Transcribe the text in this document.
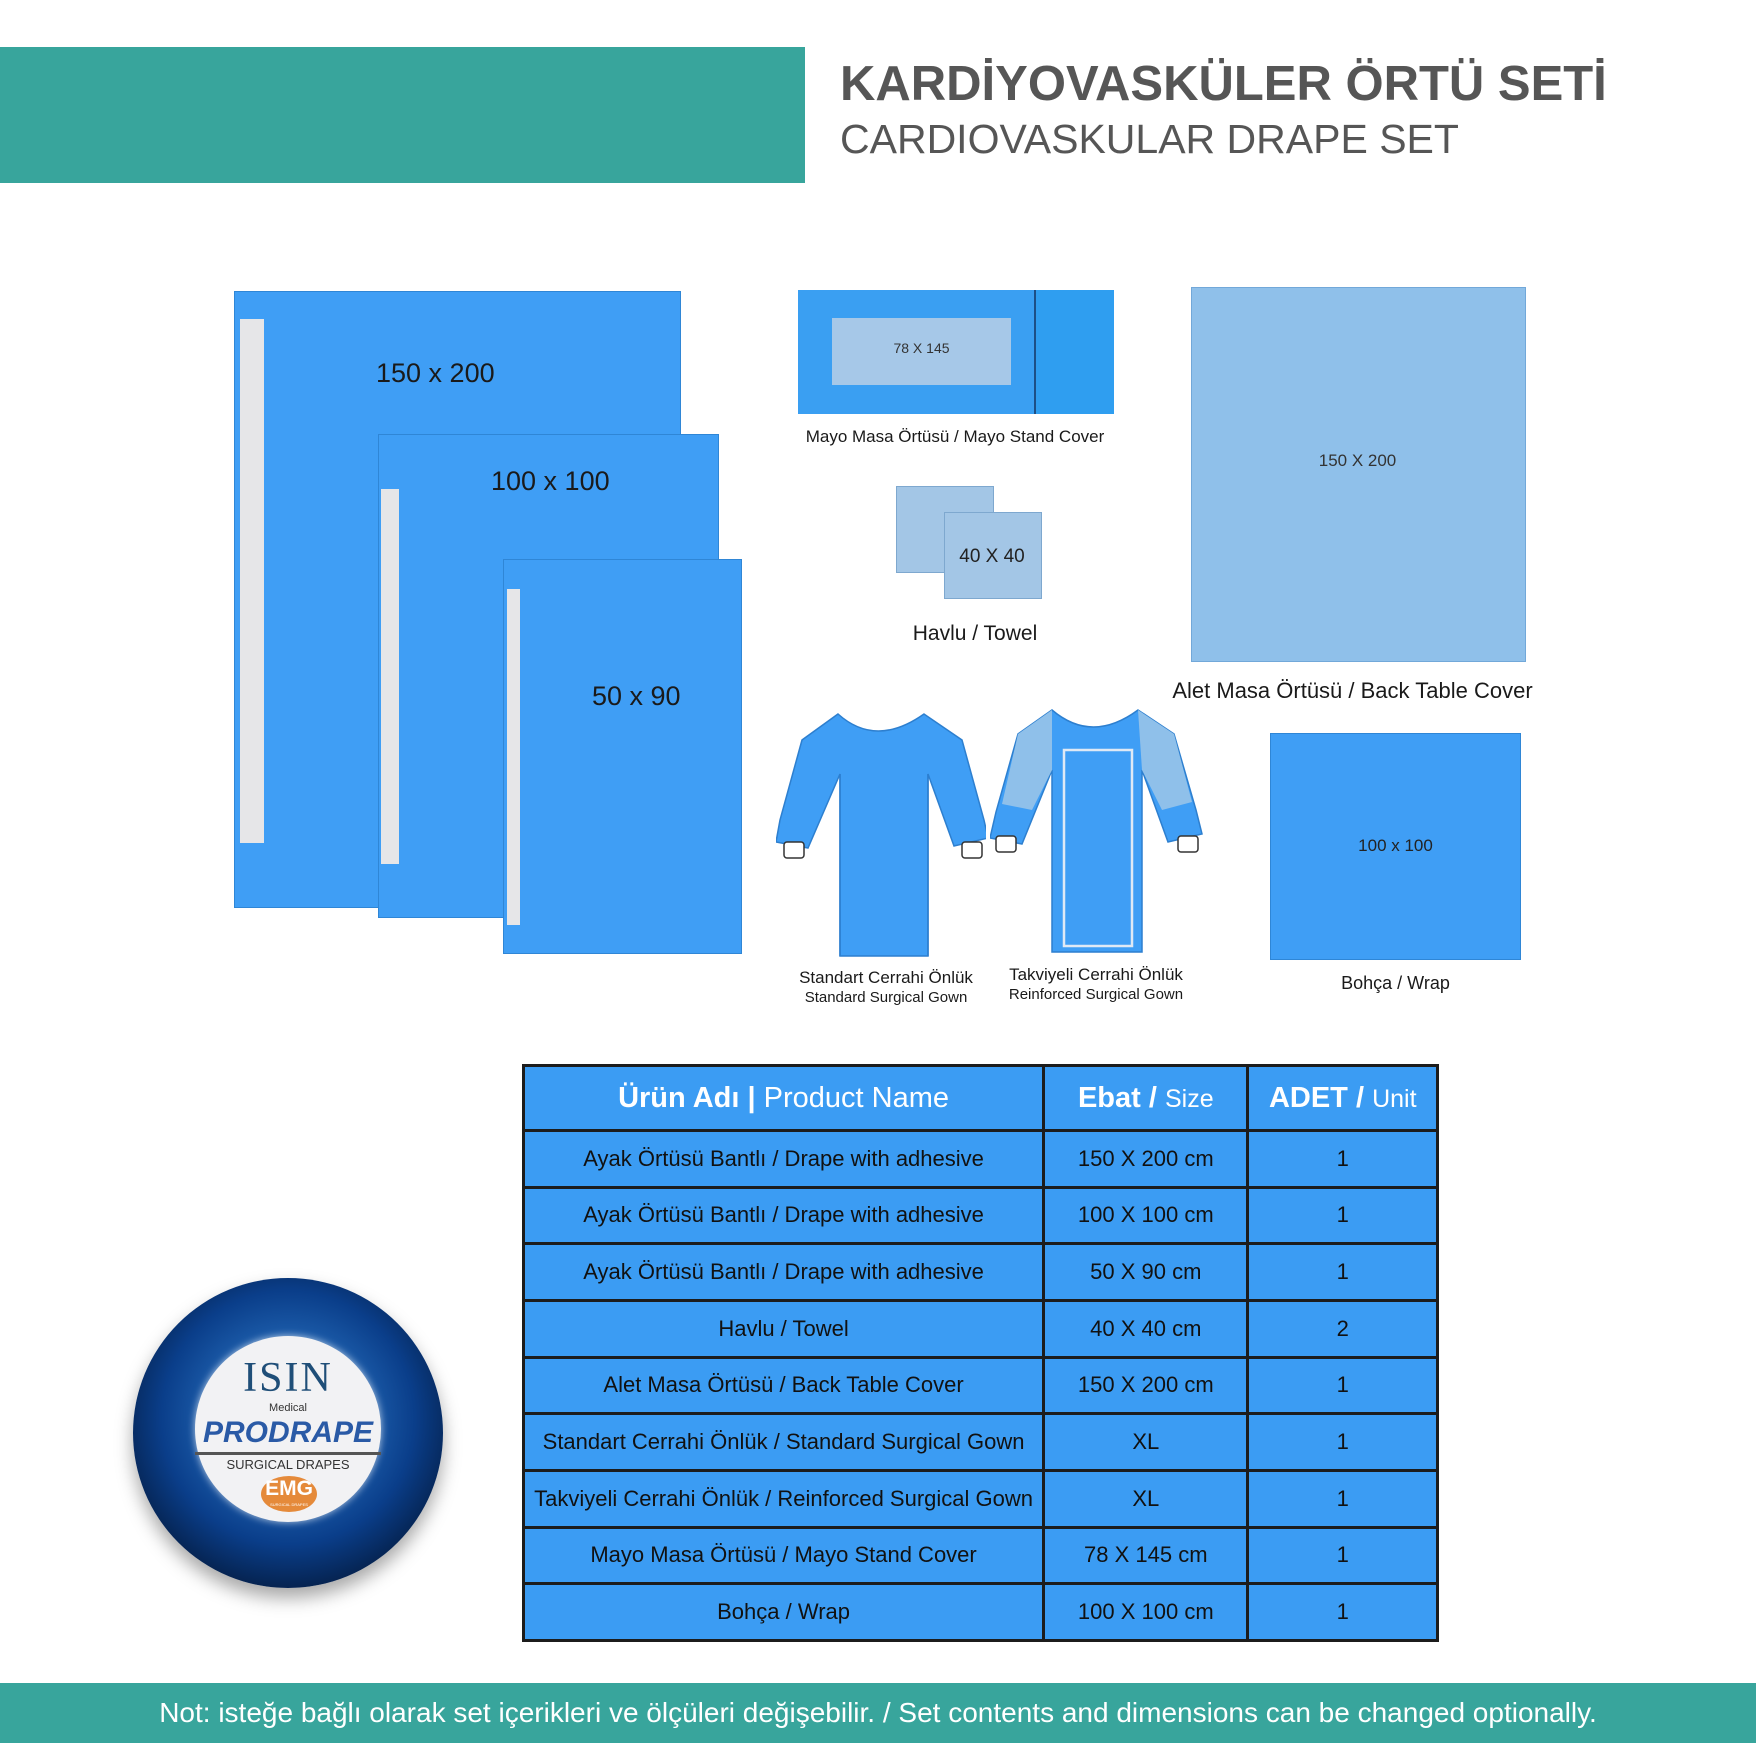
KARDİYOVASKÜLER ÖRTÜ SETİ
CARDIOVASKULAR DRAPE SET
150 x 200
100 x 100
50 x 90
78 X 145
Mayo Masa Örtüsü / Mayo Stand Cover
40 X 40
Havlu / Towel
150 X 200
Alet Masa Örtüsü / Back Table Cover
Standart Cerrahi Önlük
Standard Surgical Gown
Takviyeli Cerrahi Önlük
Reinforced Surgical Gown
100 x 100
Bohça / Wrap
Ürün Adı | Product Name	Ebat / Size	ADET / Unit
Ayak Örtüsü Bantlı / Drape with adhesive	150 X 200 cm	1
Ayak Örtüsü Bantlı / Drape with adhesive	100 X 100 cm	1
Ayak Örtüsü Bantlı / Drape with adhesive	50 X 90 cm	1
Havlu / Towel	40 X 40 cm	2
Alet Masa Örtüsü / Back Table Cover	150 X 200 cm	1
Standart Cerrahi Önlük / Standard Surgical Gown	XL	1
Takviyeli Cerrahi Önlük / Reinforced Surgical Gown	XL	1
Mayo Masa Örtüsü / Mayo Stand Cover	78 X 145 cm	1
Bohça / Wrap	100 X 100 cm	1
ISIN
Medical
PRODRAPE
SURGICAL DRAPES
EMG
SURGICAL DRAPES
Not: isteğe bağlı olarak set içerikleri ve ölçüleri değişebilir. / Set contents and dimensions can be changed optionally.
